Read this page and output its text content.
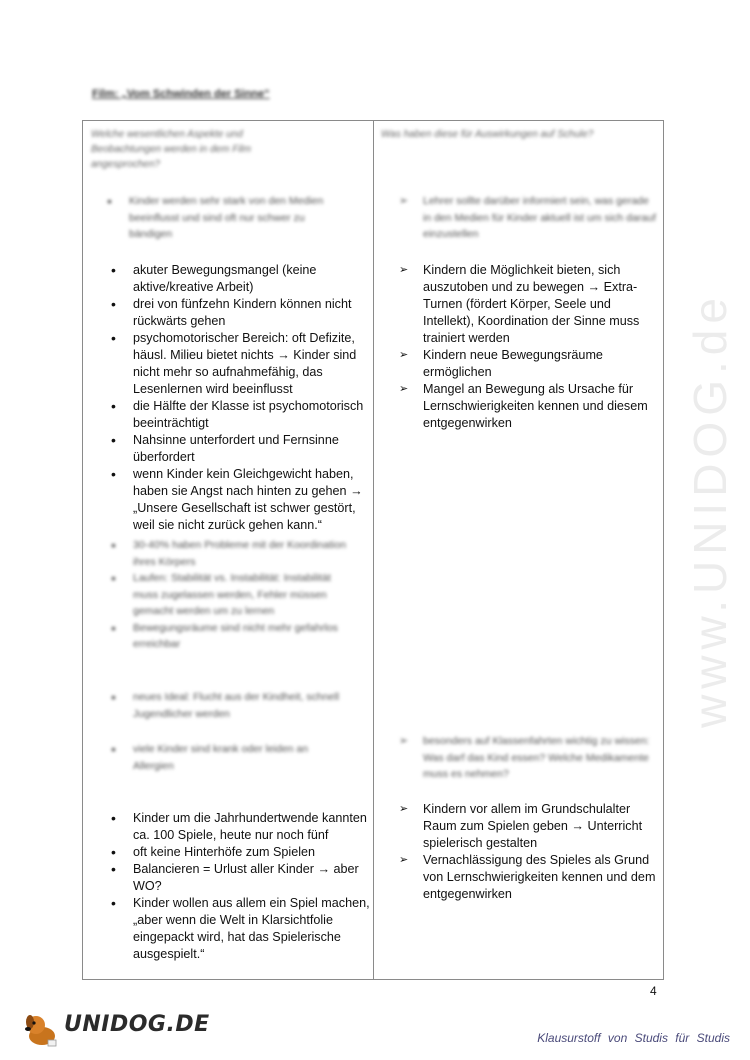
Film: „Vom Schwinden der Sinne“
Welche wesentlichen Aspekte und Beobachtungen werden in dem Film angesprochen?
Was haben diese für Auswirkungen auf Schule?
• Kinder werden sehr stark von den Medien beeinflusst und sind oft nur schwer zu bändigen
➢ Lehrer sollte darüber informiert sein, was gerade in den Medien für Kinder aktuell ist um sich darauf einzustellen
• akuter Bewegungsmangel (keine aktive/kreative Arbeit)
• drei von fünfzehn Kindern können nicht rückwärts gehen
• psychomotorischer Bereich: oft Defizite, häusl. Milieu bietet nichts → Kinder sind nicht mehr so aufnahmefähig, das Lesenlernen wird beeinflusst
• die Hälfte der Klasse ist psychomotorisch beeinträchtigt
• Nahsinne unterfordert und Fernsinne überfordert
• wenn Kinder kein Gleichgewicht haben, haben sie Angst nach hinten zu gehen → „Unsere Gesellschaft ist schwer gestört, weil sie nicht zurück gehen kann.“
➢ Kindern die Möglichkeit bieten, sich auszutoben und zu bewegen → Extra-Turnen (fördert Körper, Seele und Intellekt), Koordination der Sinne muss trainiert werden
➢ Kindern neue Bewegungsräume ermöglichen
➢ Mangel an Bewegung als Ursache für Lernschwierigkeiten kennen und diesem entgegenwirken
• 30-40% haben Probleme mit der Koordination ihres Körpers
• Laufen: Stabilität vs. Instabilität: Instabilität muss zugelassen werden, Fehler müssen gemacht werden um zu lernen
• Bewegungsräume sind nicht mehr gefahrlos erreichbar
• neues Ideal: Flucht aus der Kindheit, schnell Jugendlicher werden
• viele Kinder sind krank oder leiden an Allergien
➢ besonders auf Klassenfahrten wichtig zu wissen: Was darf das Kind essen? Welche Medikamente muss es nehmen?
• Kinder um die Jahrhundertwende kannten ca. 100 Spiele, heute nur noch fünf
• oft keine Hinterhöfe zum Spielen
• Balancieren = Urlust aller Kinder → aber WO?
• Kinder wollen aus allem ein Spiel machen, „aber wenn die Welt in Klarsichtfolie eingepackt wird, hat das Spielerische ausgespielt.“
➢ Kindern vor allem im Grundschulalter Raum zum Spielen geben → Unterricht spielerisch gestalten
➢ Vernachlässigung des Spieles als Grund von Lernschwierigkeiten kennen und dem entgegenwirken
4
www.UNIDOG.de
UNIDOG.DE
Klausurstoff von Studis für Studis
